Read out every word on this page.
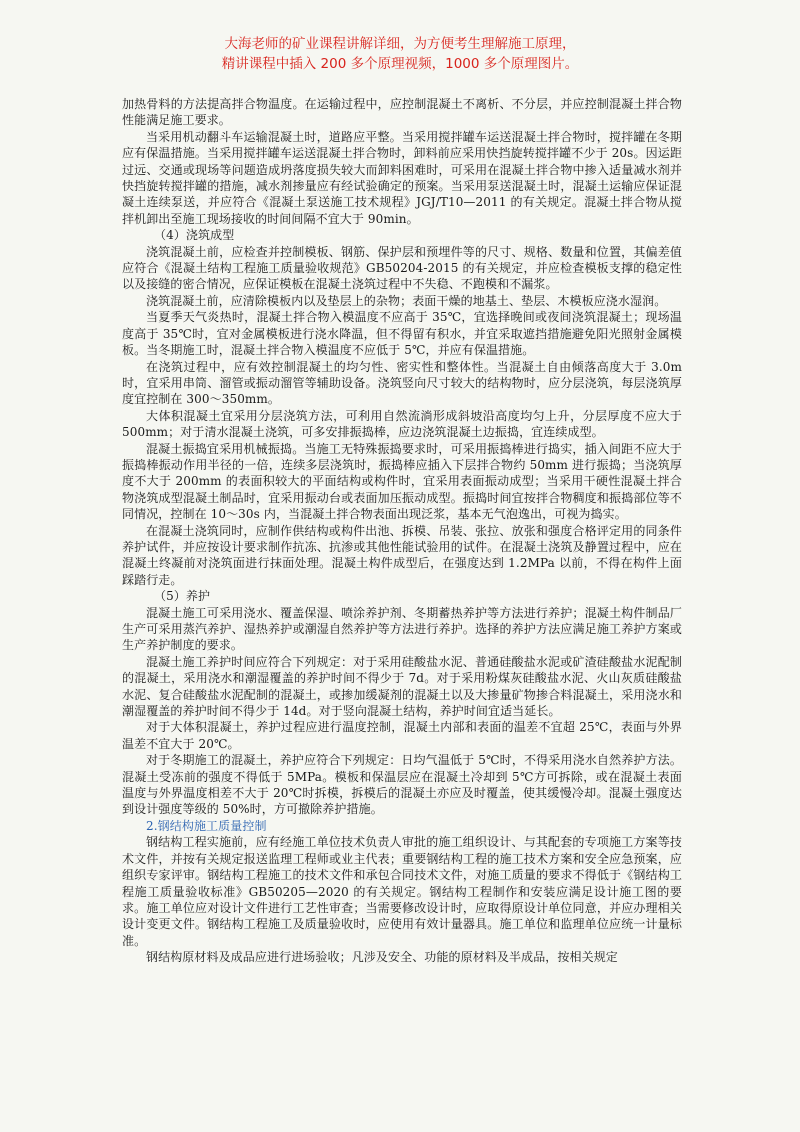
大海老师的矿业课程讲解详细，为方便考生理解施工原理，
精讲课程中插入 200 多个原理视频，1000 多个原理图片。

加热骨料的方法提高拌合物温度。在运输过程中，应控制混凝土不离析、不分层，并应控制混凝土拌合物性能满足施工要求。

当采用机动翻斗车运输混凝土时，道路应平整。当采用搅拌罐车运送混凝土拌合物时，搅拌罐在冬期应有保温措施。当采用搅拌罐车运送混凝土拌合物时，卸料前应采用快挡旋转搅拌罐不少于 20s。因运距过远、交通或现场等问题造成坍落度损失较大而卸料困难时，可采用在混凝土拌合物中掺入适量减水剂并快挡旋转搅拌罐的措施，减水剂掺量应有经试验确定的预案。当采用泵送混凝土时，混凝土运输应保证混凝土连续泵送，并应符合《混凝土泵送施工技术规程》JGJ/T10—2011 的有关规定。混凝土拌合物从搅拌机卸出至施工现场接收的时间间隔不宜大于 90min。

（4）浇筑成型

浇筑混凝土前，应检查并控制模板、钢筋、保护层和预埋件等的尺寸、规格、数量和位置，其偏差值应符合《混凝土结构工程施工质量验收规范》GB50204-2015 的有关规定，并应检查模板支撑的稳定性以及接缝的密合情况，应保证模板在混凝土浇筑过程中不失稳、不跑模和不漏浆。

浇筑混凝土前，应清除模板内以及垫层上的杂物；表面干燥的地基土、垫层、木模板应浇水湿润。

当夏季天气炎热时，混凝土拌合物入模温度不应高于 35℃，宜选择晚间或夜间浇筑混凝土；现场温度高于 35℃时，宜对金属模板进行浇水降温，但不得留有积水，并宜采取遮挡措施避免阳光照射金属模板。当冬期施工时，混凝土拌合物入模温度不应低于 5℃，并应有保温措施。

在浇筑过程中，应有效控制混凝土的均匀性、密实性和整体性。当混凝土自由倾落高度大于 3.0m 时，宜采用串筒、溜管或振动溜管等辅助设备。浇筑竖向尺寸较大的结构物时，应分层浇筑，每层浇筑厚度宜控制在 300～350mm。

大体积混凝土宜采用分层浇筑方法，可利用自然流淌形成斜坡沿高度均匀上升，分层厚度不应大于 500mm；对于清水混凝土浇筑，可多安排振捣棒，应边浇筑混凝土边振捣，宜连续成型。

混凝土振捣宜采用机械振捣。当施工无特殊振捣要求时，可采用振捣棒进行捣实，插入间距不应大于振捣棒振动作用半径的一倍，连续多层浇筑时，振捣棒应插入下层拌合物约 50mm 进行振捣；当浇筑厚度不大于 200mm 的表面积较大的平面结构或构件时，宜采用表面振动成型；当采用干硬性混凝土拌合物浇筑成型混凝土制品时，宜采用振动台或表面加压振动成型。振捣时间宜按拌合物稠度和振捣部位等不同情况，控制在 10～30s 内，当混凝土拌合物表面出现泛浆，基本无气泡逸出，可视为捣实。

在混凝土浇筑同时，应制作供结构或构件出池、拆模、吊装、张拉、放张和强度合格评定用的同条件养护试件，并应按设计要求制作抗冻、抗渗或其他性能试验用的试件。在混凝土浇筑及静置过程中，应在混凝土终凝前对浇筑面进行抹面处理。混凝土构件成型后，在强度达到 1.2MPa 以前，不得在构件上面踩踏行走。

（5）养护

混凝土施工可采用浇水、覆盖保湿、喷涂养护剂、冬期蓄热养护等方法进行养护；混凝土构件制品厂生产可采用蒸汽养护、湿热养护或潮湿自然养护等方法进行养护。选择的养护方法应满足施工养护方案或生产养护制度的要求。

混凝土施工养护时间应符合下列规定：对于采用硅酸盐水泥、普通硅酸盐水泥或矿渣硅酸盐水泥配制的混凝土，采用浇水和潮湿覆盖的养护时间不得少于 7d。对于采用粉煤灰硅酸盐水泥、火山灰质硅酸盐水泥、复合硅酸盐水泥配制的混凝土，或掺加缓凝剂的混凝土以及大掺量矿物掺合料混凝土，采用浇水和潮湿覆盖的养护时间不得少于 14d。对于竖向混凝土结构，养护时间宜适当延长。

对于大体积混凝土，养护过程应进行温度控制，混凝土内部和表面的温差不宜超 25℃，表面与外界温差不宜大于 20℃。

对于冬期施工的混凝土，养护应符合下列规定：日均气温低于 5℃时，不得采用浇水自然养护方法。混凝土受冻前的强度不得低于 5MPa。模板和保温层应在混凝土冷却到 5℃方可拆除，或在混凝土表面温度与外界温度相差不大于 20℃时拆模，拆模后的混凝土亦应及时覆盖，使其缓慢冷却。混凝土强度达到设计强度等级的 50%时，方可撤除养护措施。

2.钢结构施工质量控制

钢结构工程实施前，应有经施工单位技术负责人审批的施工组织设计、与其配套的专项施工方案等技术文件，并按有关规定报送监理工程师或业主代表；重要钢结构工程的施工技术方案和安全应急预案，应组织专家评审。钢结构工程施工的技术文件和承包合同技术文件，对施工质量的要求不得低于《钢结构工程施工质量验收标准》GB50205—2020 的有关规定。钢结构工程制作和安装应满足设计施工图的要求。施工单位应对设计文件进行工艺性审查；当需要修改设计时，应取得原设计单位同意，并应办理相关设计变更文件。钢结构工程施工及质量验收时，应使用有效计量器具。施工单位和监理单位应统一计量标准。

钢结构原材料及成品应进行进场验收；凡涉及安全、功能的原材料及半成品，按相关规定
